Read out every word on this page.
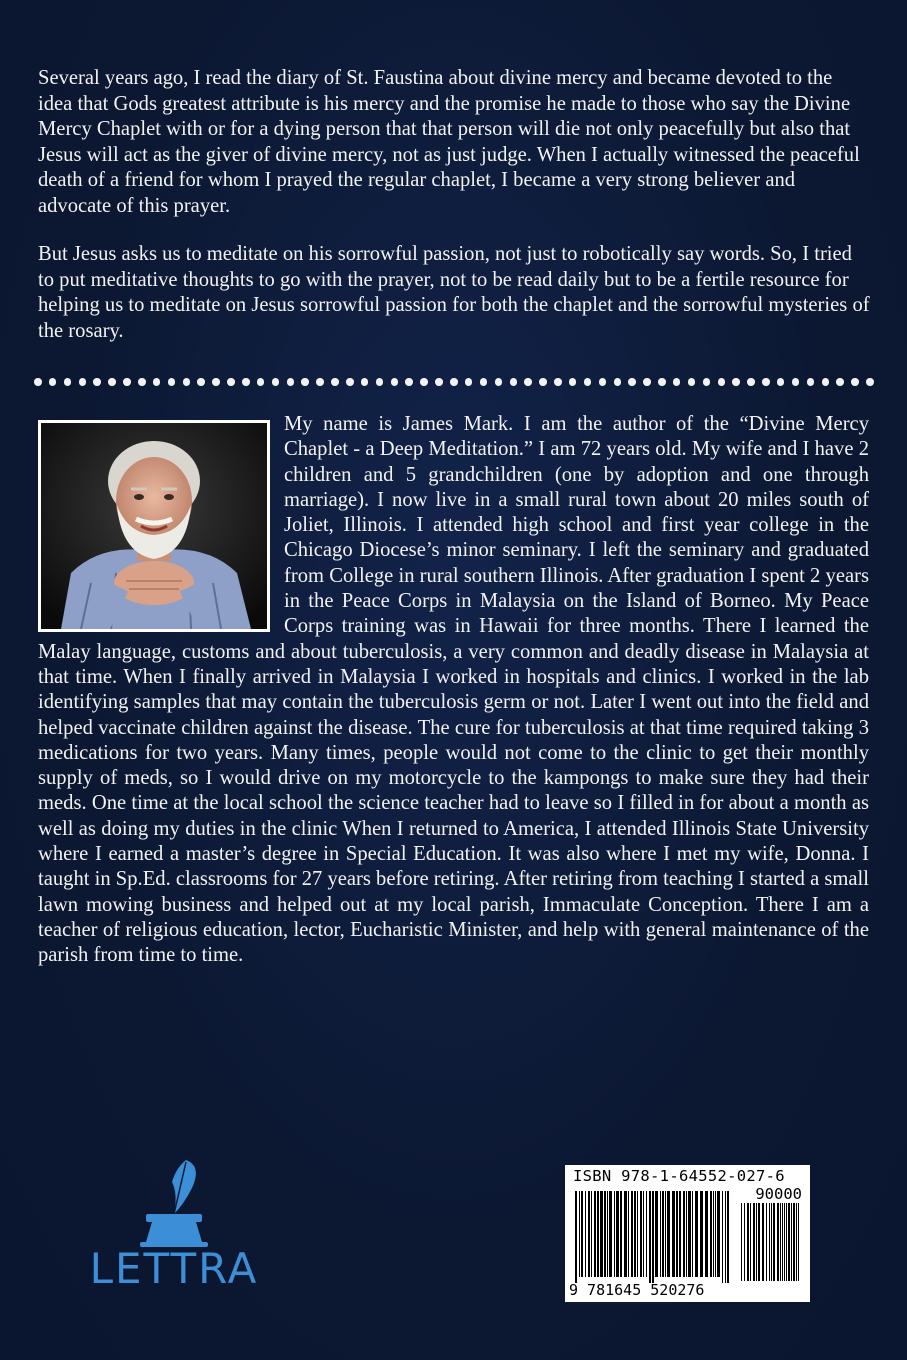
Several years ago, I read the diary of St. Faustina about divine mercy and became devoted to the idea that Gods greatest attribute is his mercy and the promise he made to those who say the Divine Mercy Chaplet with or for a dying person that that person will die not only peacefully but also that Jesus will act as the giver of divine mercy, not as just judge. When I actually witnessed the peaceful death of a friend for whom I prayed the regular chaplet, I became a very strong believer and advocate of this prayer.

But Jesus asks us to meditate on his sorrowful passion, not just to robotically say words. So, I tried to put meditative thoughts to go with the prayer, not to be read daily but to be a fertile resource for helping us to meditate on Jesus sorrowful passion for both the chaplet and the sorrowful mysteries of the rosary.

My name is James Mark. I am the author of the “Divine Mercy Chaplet - a Deep Meditation.” I am 72 years old. My wife and I have 2 children and 5 grandchildren (one by adoption and one through marriage). I now live in a small rural town about 20 miles south of Joliet, Illinois. I attended high school and first year college in the Chicago Diocese’s minor seminary. I left the seminary and graduated from College in rural southern Illinois. After graduation I spent 2 years in the Peace Corps in Malaysia on the Island of Borneo. My Peace Corps training was in Hawaii for three months. There I learned the Malay language, customs and about tuberculosis, a very common and deadly disease in Malaysia at that time. When I finally arrived in Malaysia I worked in hospitals and clinics. I worked in the lab identifying samples that may contain the tuberculosis germ or not. Later I went out into the field and helped vaccinate children against the disease. The cure for tuberculosis at that time required taking 3 medications for two years. Many times, people would not come to the clinic to get their monthly supply of meds, so I would drive on my motorcycle to the kampongs to make sure they had their meds. One time at the local school the science teacher had to leave so I filled in for about a month as well as doing my duties in the clinic When I returned to America, I attended Illinois State University where I earned a master’s degree in Special Education. It was also where I met my wife, Donna. I taught in Sp.Ed. classrooms for 27 years before retiring. After retiring from teaching I started a small lawn mowing business and helped out at my local parish, Immaculate Conception. There I am a teacher of religious education, lector, Eucharistic Minister, and help with general maintenance of the parish from time to time.

LETTRA
ISBN 978-1-64552-027-6
90000
9 781645 520276
